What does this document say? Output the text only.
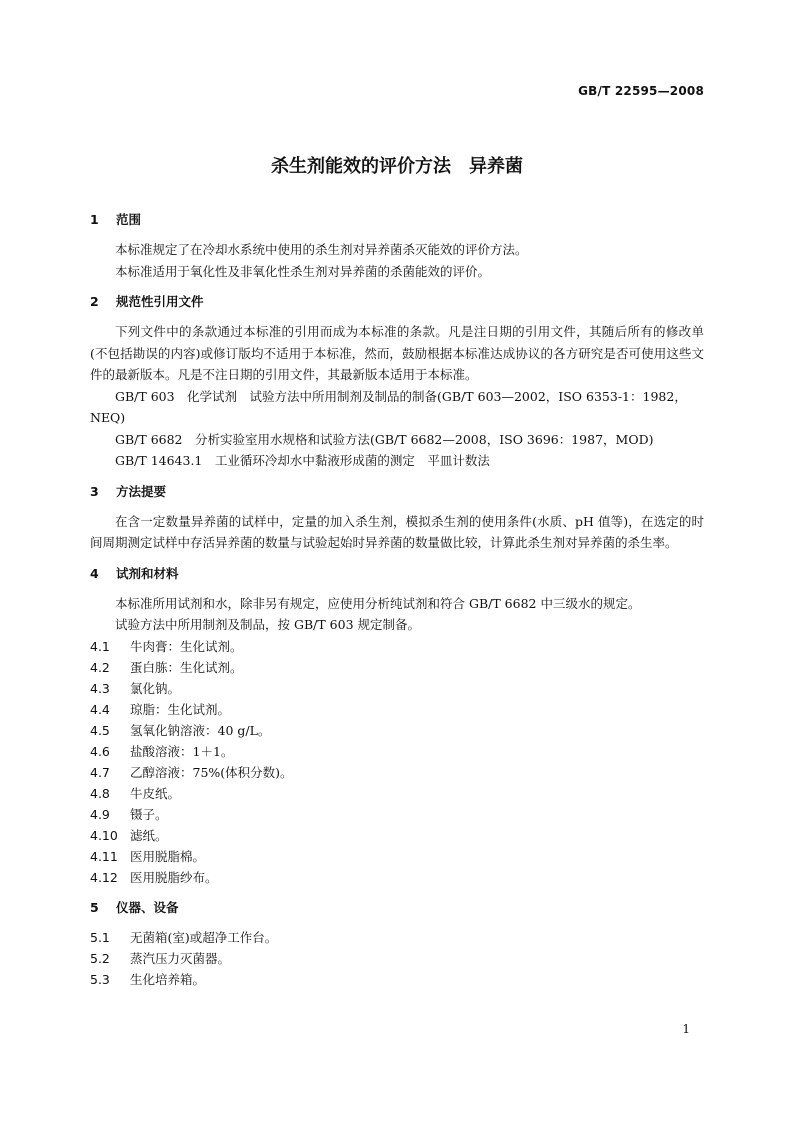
GB/T 22595—2008
杀生剂能效的评价方法　异养菌
1 范围
本标准规定了在冷却水系统中使用的杀生剂对异养菌杀灭能效的评价方法。
本标准适用于氧化性及非氧化性杀生剂对异养菌的杀菌能效的评价。
2 规范性引用文件
下列文件中的条款通过本标准的引用而成为本标准的条款。凡是注日期的引用文件，其随后所有的修改单(不包括勘误的内容)或修订版均不适用于本标准，然而，鼓励根据本标准达成协议的各方研究是否可使用这些文件的最新版本。凡是不注日期的引用文件，其最新版本适用于本标准。
GB/T 603　化学试剂　试验方法中所用制剂及制品的制备(GB/T 603—2002，ISO 6353-1：1982，NEQ)
GB/T 6682　分析实验室用水规格和试验方法(GB/T 6682—2008，ISO 3696：1987，MOD)
GB/T 14643.1　工业循环冷却水中黏液形成菌的测定　平皿计数法
3 方法提要
在含一定数量异养菌的试样中，定量的加入杀生剂，模拟杀生剂的使用条件(水质、pH 值等)，在选定的时间周期测定试样中存活异养菌的数量与试验起始时异养菌的数量做比较，计算此杀生剂对异养菌的杀生率。
4 试剂和材料
本标准所用试剂和水，除非另有规定，应使用分析纯试剂和符合 GB/T 6682 中三级水的规定。
试验方法中所用制剂及制品，按 GB/T 603 规定制备。
4.1 牛肉膏：生化试剂。
4.2 蛋白胨：生化试剂。
4.3 氯化钠。
4.4 琼脂：生化试剂。
4.5 氢氧化钠溶液：40 g/L。
4.6 盐酸溶液：1＋1。
4.7 乙醇溶液：75%(体积分数)。
4.8 牛皮纸。
4.9 镊子。
4.10 滤纸。
4.11 医用脱脂棉。
4.12 医用脱脂纱布。
5 仪器、设备
5.1 无菌箱(室)或超净工作台。
5.2 蒸汽压力灭菌器。
5.3 生化培养箱。
1
